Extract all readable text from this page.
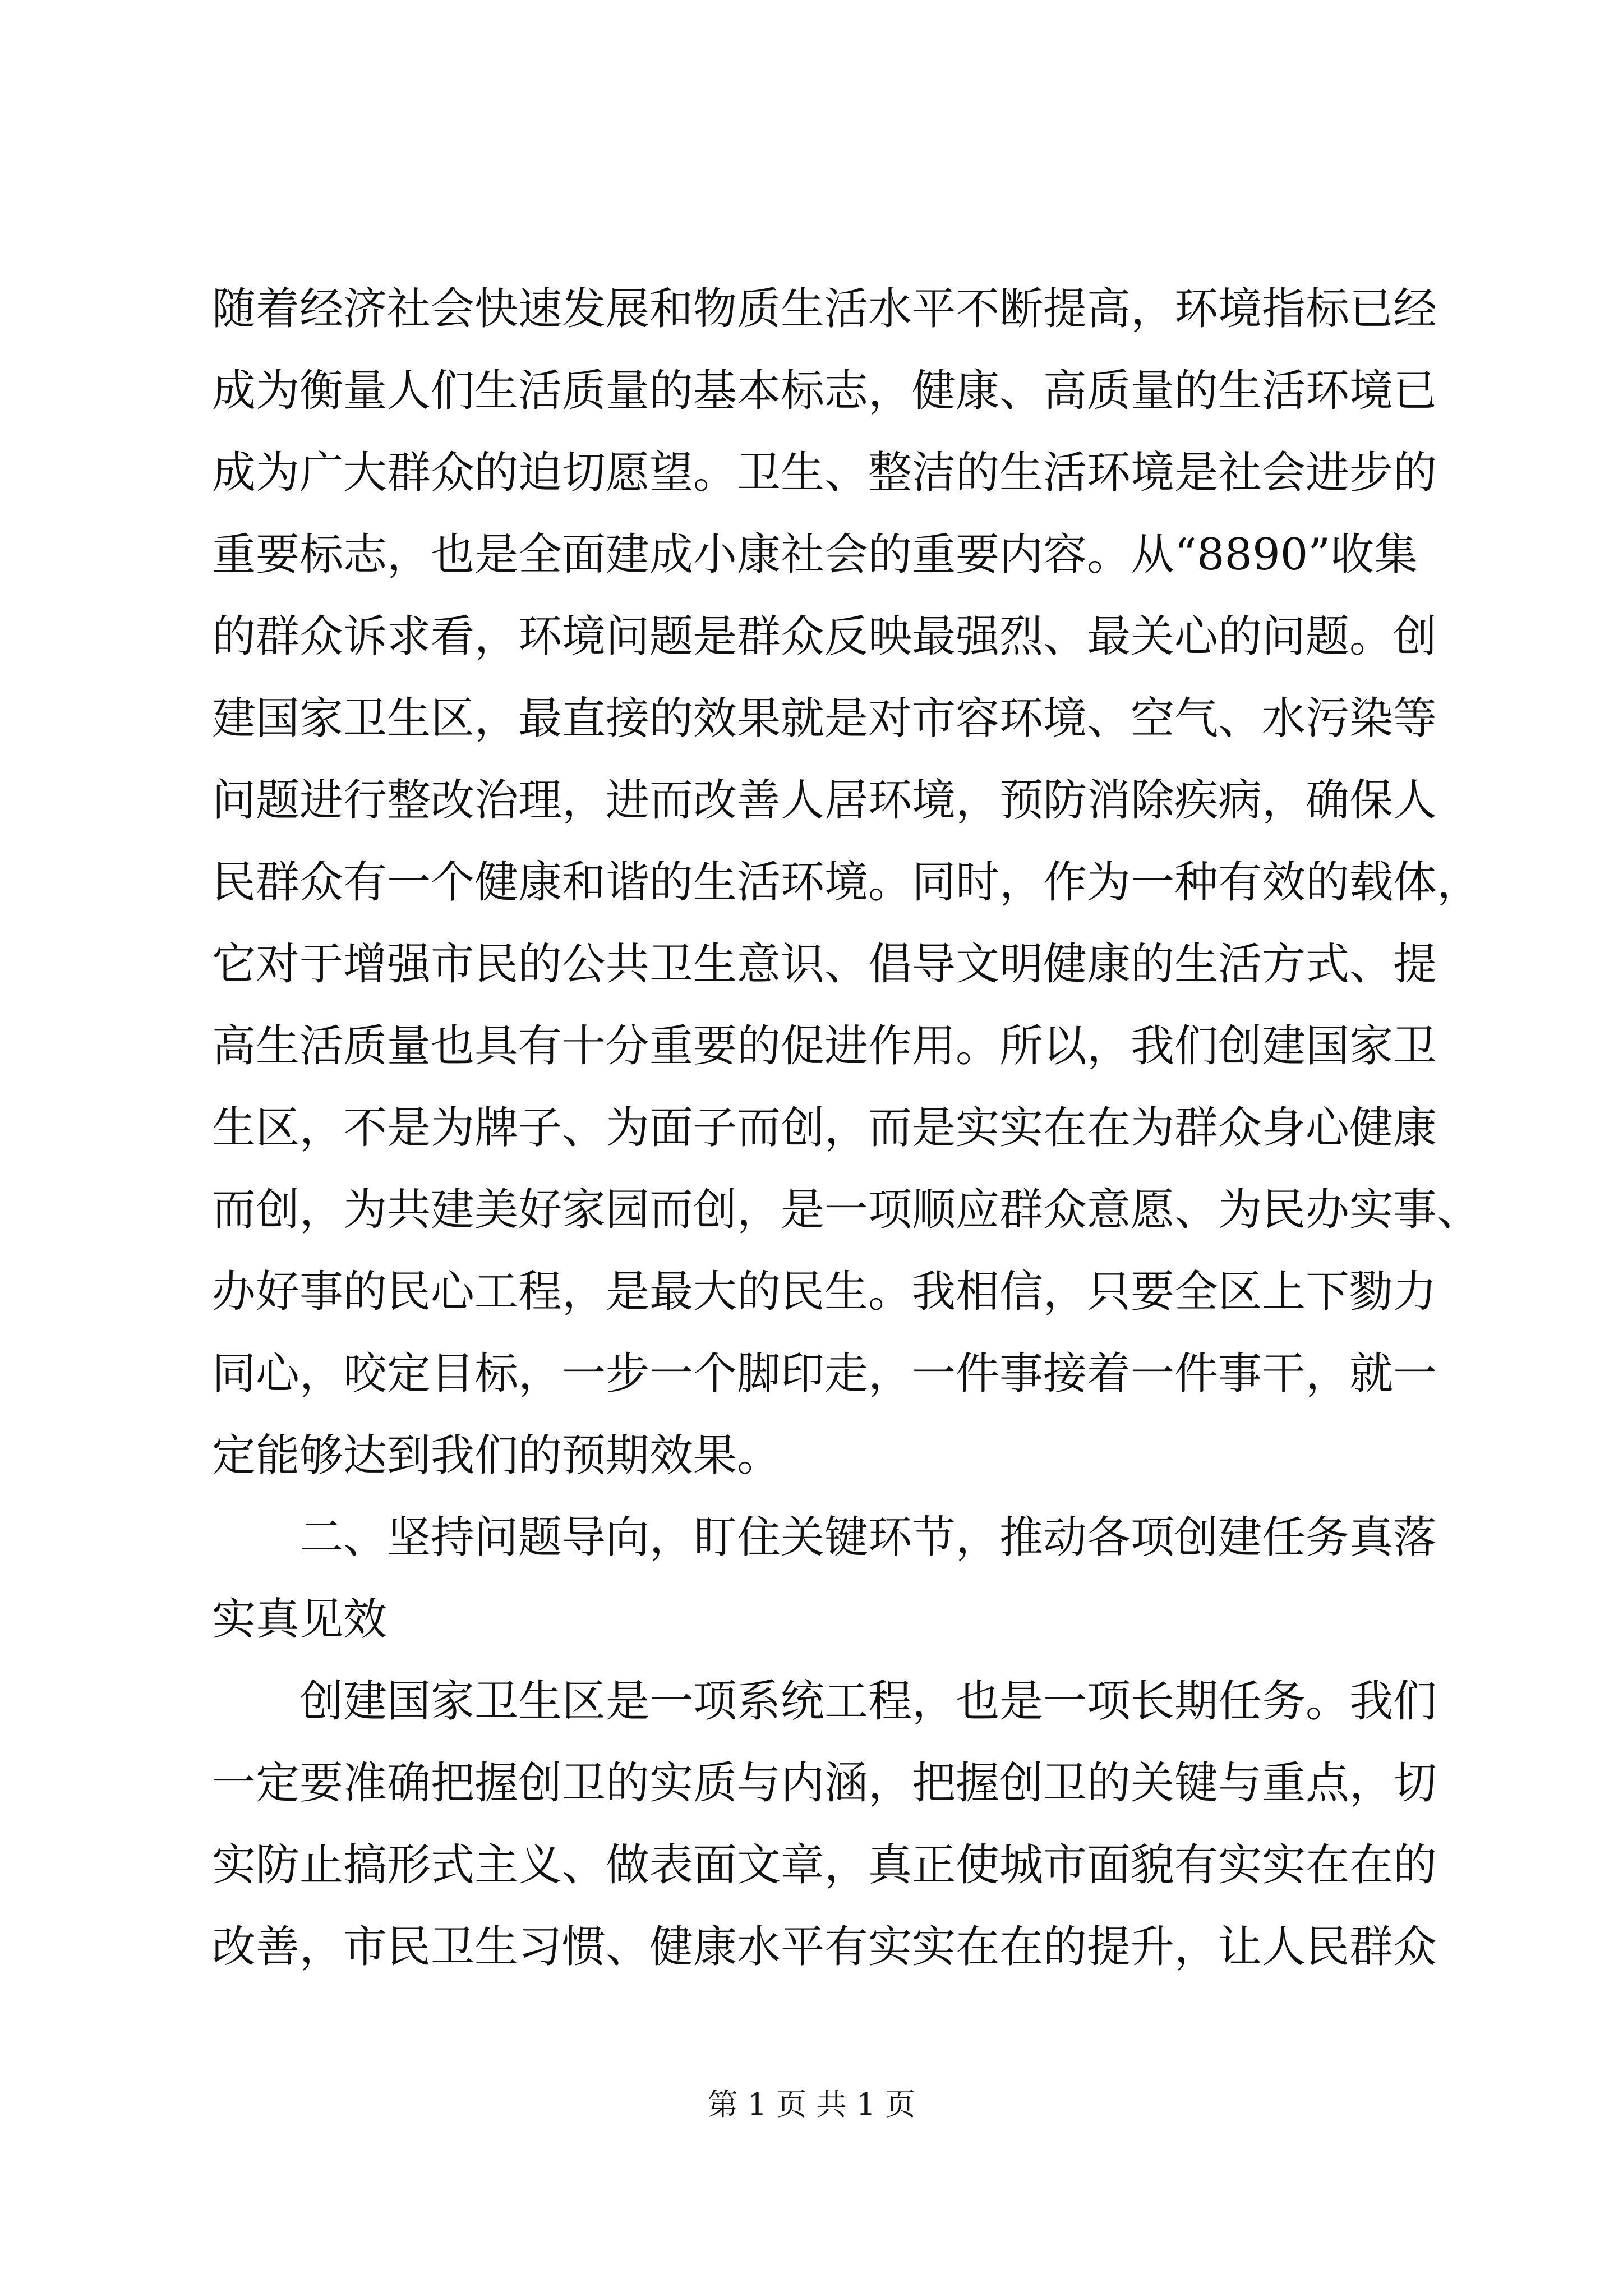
随着经济社会快速发展和物质生活水平不断提高，环境指标已经
成为衡量人们生活质量的基本标志，健康、高质量的生活环境已
成为广大群众的迫切愿望。卫生、整洁的生活环境是社会进步的
重要标志，也是全面建成小康社会的重要内容。从“8890”收集
的群众诉求看，环境问题是群众反映最强烈、最关心的问题。创
建国家卫生区，最直接的效果就是对市容环境、空气、水污染等
问题进行整改治理，进而改善人居环境，预防消除疾病，确保人
民群众有一个健康和谐的生活环境。同时，作为一种有效的载体，
它对于增强市民的公共卫生意识、倡导文明健康的生活方式、提
高生活质量也具有十分重要的促进作用。所以，我们创建国家卫
生区，不是为牌子、为面子而创，而是实实在在为群众身心健康
而创，为共建美好家园而创，是一项顺应群众意愿、为民办实事、
办好事的民心工程，是最大的民生。我相信，只要全区上下勠力
同心，咬定目标，一步一个脚印走，一件事接着一件事干，就一
定能够达到我们的预期效果。
二、坚持问题导向，盯住关键环节，推动各项创建任务真落
实真见效
创建国家卫生区是一项系统工程，也是一项长期任务。我们
一定要准确把握创卫的实质与内涵，把握创卫的关键与重点，切
实防止搞形式主义、做表面文章，真正使城市面貌有实实在在的
改善，市民卫生习惯、健康水平有实实在在的提升，让人民群众
第 1 页 共 1 页
